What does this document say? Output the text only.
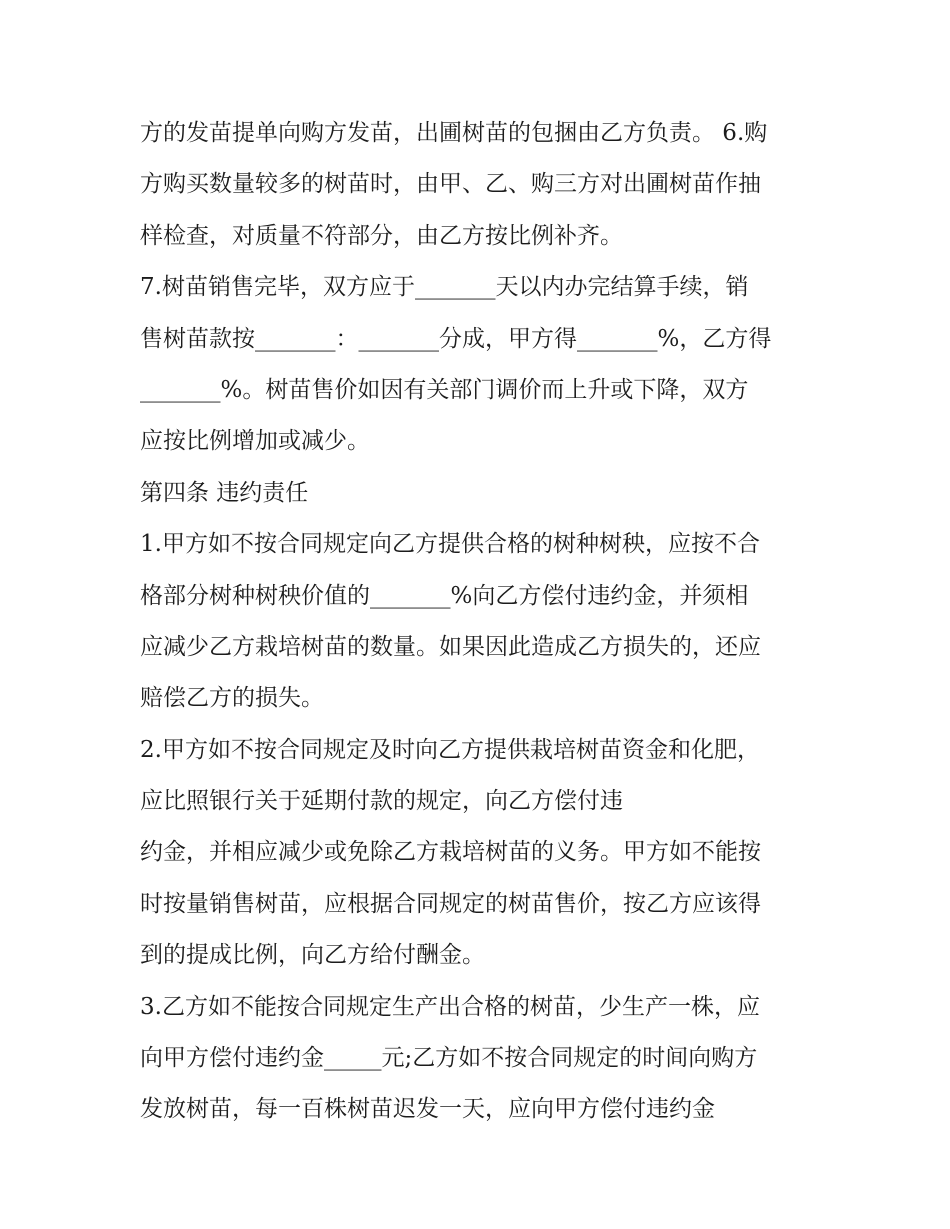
方的发苗提单向购方发苗，出圃树苗的包捆由乙方负责。 6.购
方购买数量较多的树苗时，由甲、乙、购三方对出圃树苗作抽
样检查，对质量不符部分，由乙方按比例补齐。
7.树苗销售完毕，双方应于_______天以内办完结算手续，销
售树苗款按_______：_______分成，甲方得_______%，乙方得
_______%。树苗售价如因有关部门调价而上升或下降，双方
应按比例增加或减少。
第四条 违约责任
1.甲方如不按合同规定向乙方提供合格的树种树秧，应按不合
格部分树种树秧价值的_______%向乙方偿付违约金，并须相
应减少乙方栽培树苗的数量。如果因此造成乙方损失的，还应
赔偿乙方的损失。
2.甲方如不按合同规定及时向乙方提供栽培树苗资金和化肥，
应比照银行关于延期付款的规定，向乙方偿付违
约金，并相应减少或免除乙方栽培树苗的义务。甲方如不能按
时按量销售树苗，应根据合同规定的树苗售价，按乙方应该得
到的提成比例，向乙方给付酬金。
3.乙方如不能按合同规定生产出合格的树苗，少生产一株，应
向甲方偿付违约金_____元;乙方如不按合同规定的时间向购方
发放树苗，每一百株树苗迟发一天，应向甲方偿付违约金
